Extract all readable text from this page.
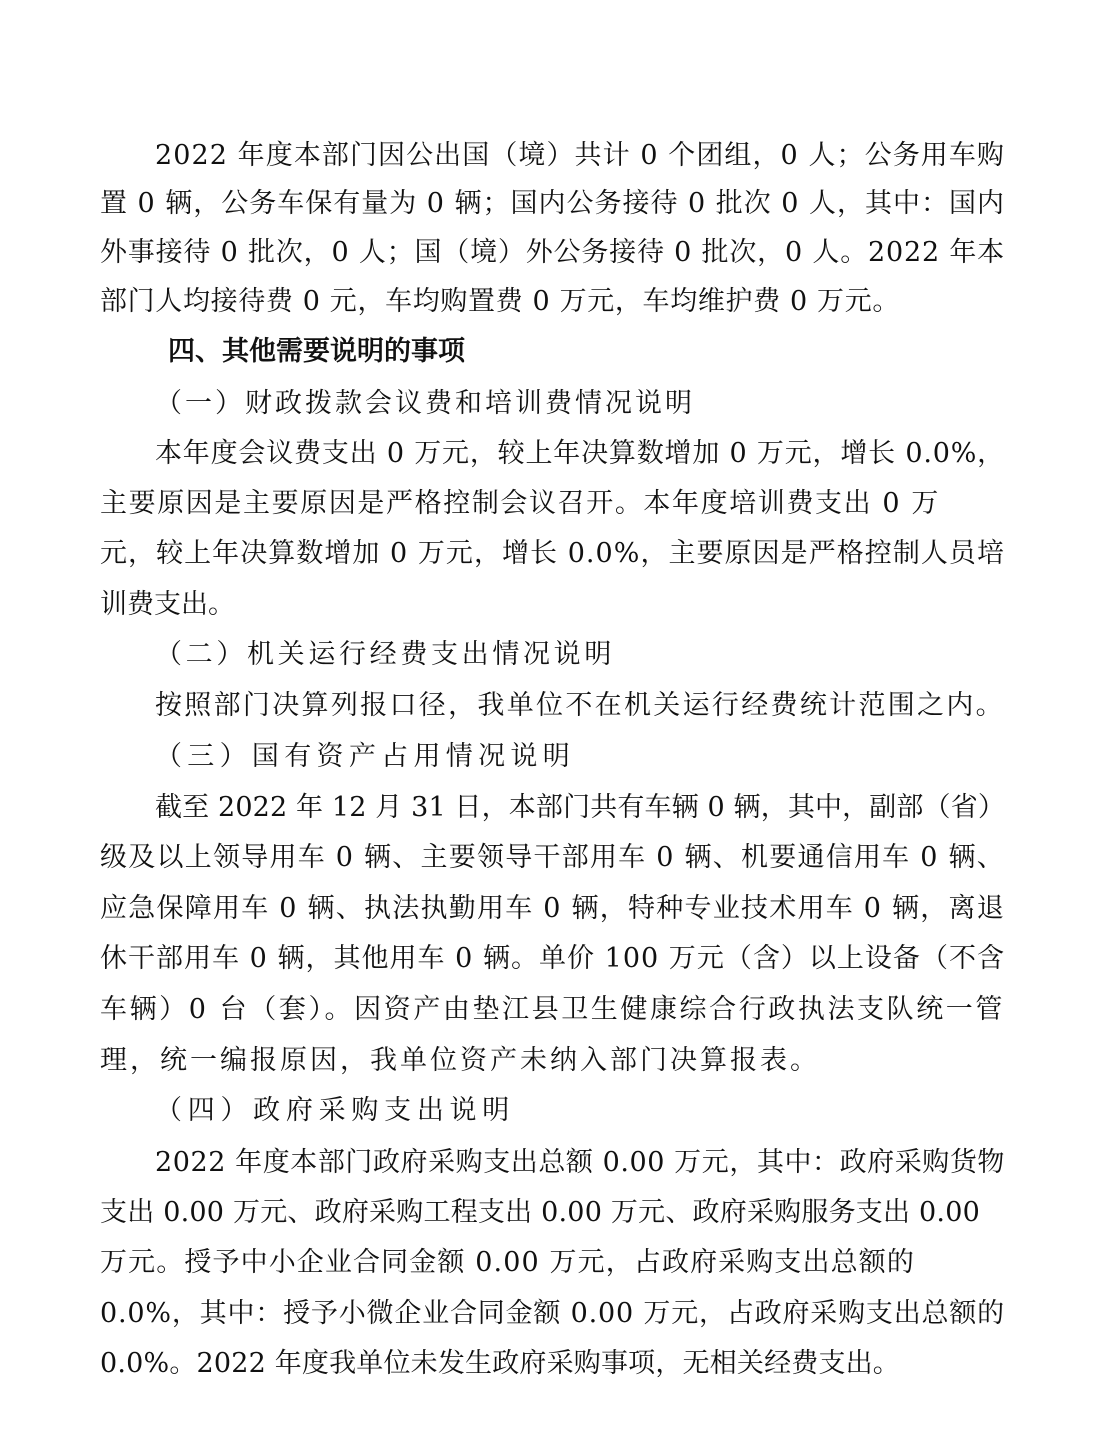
2022 年度本部门因公出国（境）共计 0 个团组，0 人；公务用车购
置 0 辆，公务车保有量为 0 辆；国内公务接待 0 批次 0 人，其中：国内
外事接待 0 批次，0 人；国（境）外公务接待 0 批次，0 人。2022 年本
部门人均接待费 0 元，车均购置费 0 万元，车均维护费 0 万元。
四、其他需要说明的事项
（一）财政拨款会议费和培训费情况说明
本年度会议费支出 0 万元，较上年决算数增加 0 万元，增长 0.0%，
主要原因是主要原因是严格控制会议召开。本年度培训费支出 0 万
元，较上年决算数增加 0 万元，增长 0.0%，主要原因是严格控制人员培
训费支出。
（二）机关运行经费支出情况说明
按照部门决算列报口径，我单位不在机关运行经费统计范围之内。
（三）国有资产占用情况说明
截至 2022 年 12 月 31 日，本部门共有车辆 0 辆，其中，副部（省）
级及以上领导用车 0 辆、主要领导干部用车 0 辆、机要通信用车 0 辆、
应急保障用车 0 辆、执法执勤用车 0 辆，特种专业技术用车 0 辆，离退
休干部用车 0 辆，其他用车 0 辆。单价 100 万元（含）以上设备（不含
车辆）0 台（套）。因资产由垫江县卫生健康综合行政执法支队统一管
理，统一编报原因，我单位资产未纳入部门决算报表。
（四）政府采购支出说明
2022 年度本部门政府采购支出总额 0.00 万元，其中：政府采购货物
支出 0.00 万元、政府采购工程支出 0.00 万元、政府采购服务支出 0.00
万元。授予中小企业合同金额 0.00 万元，占政府采购支出总额的
0.0%，其中：授予小微企业合同金额 0.00 万元，占政府采购支出总额的
0.0%。2022 年度我单位未发生政府采购事项，无相关经费支出。
